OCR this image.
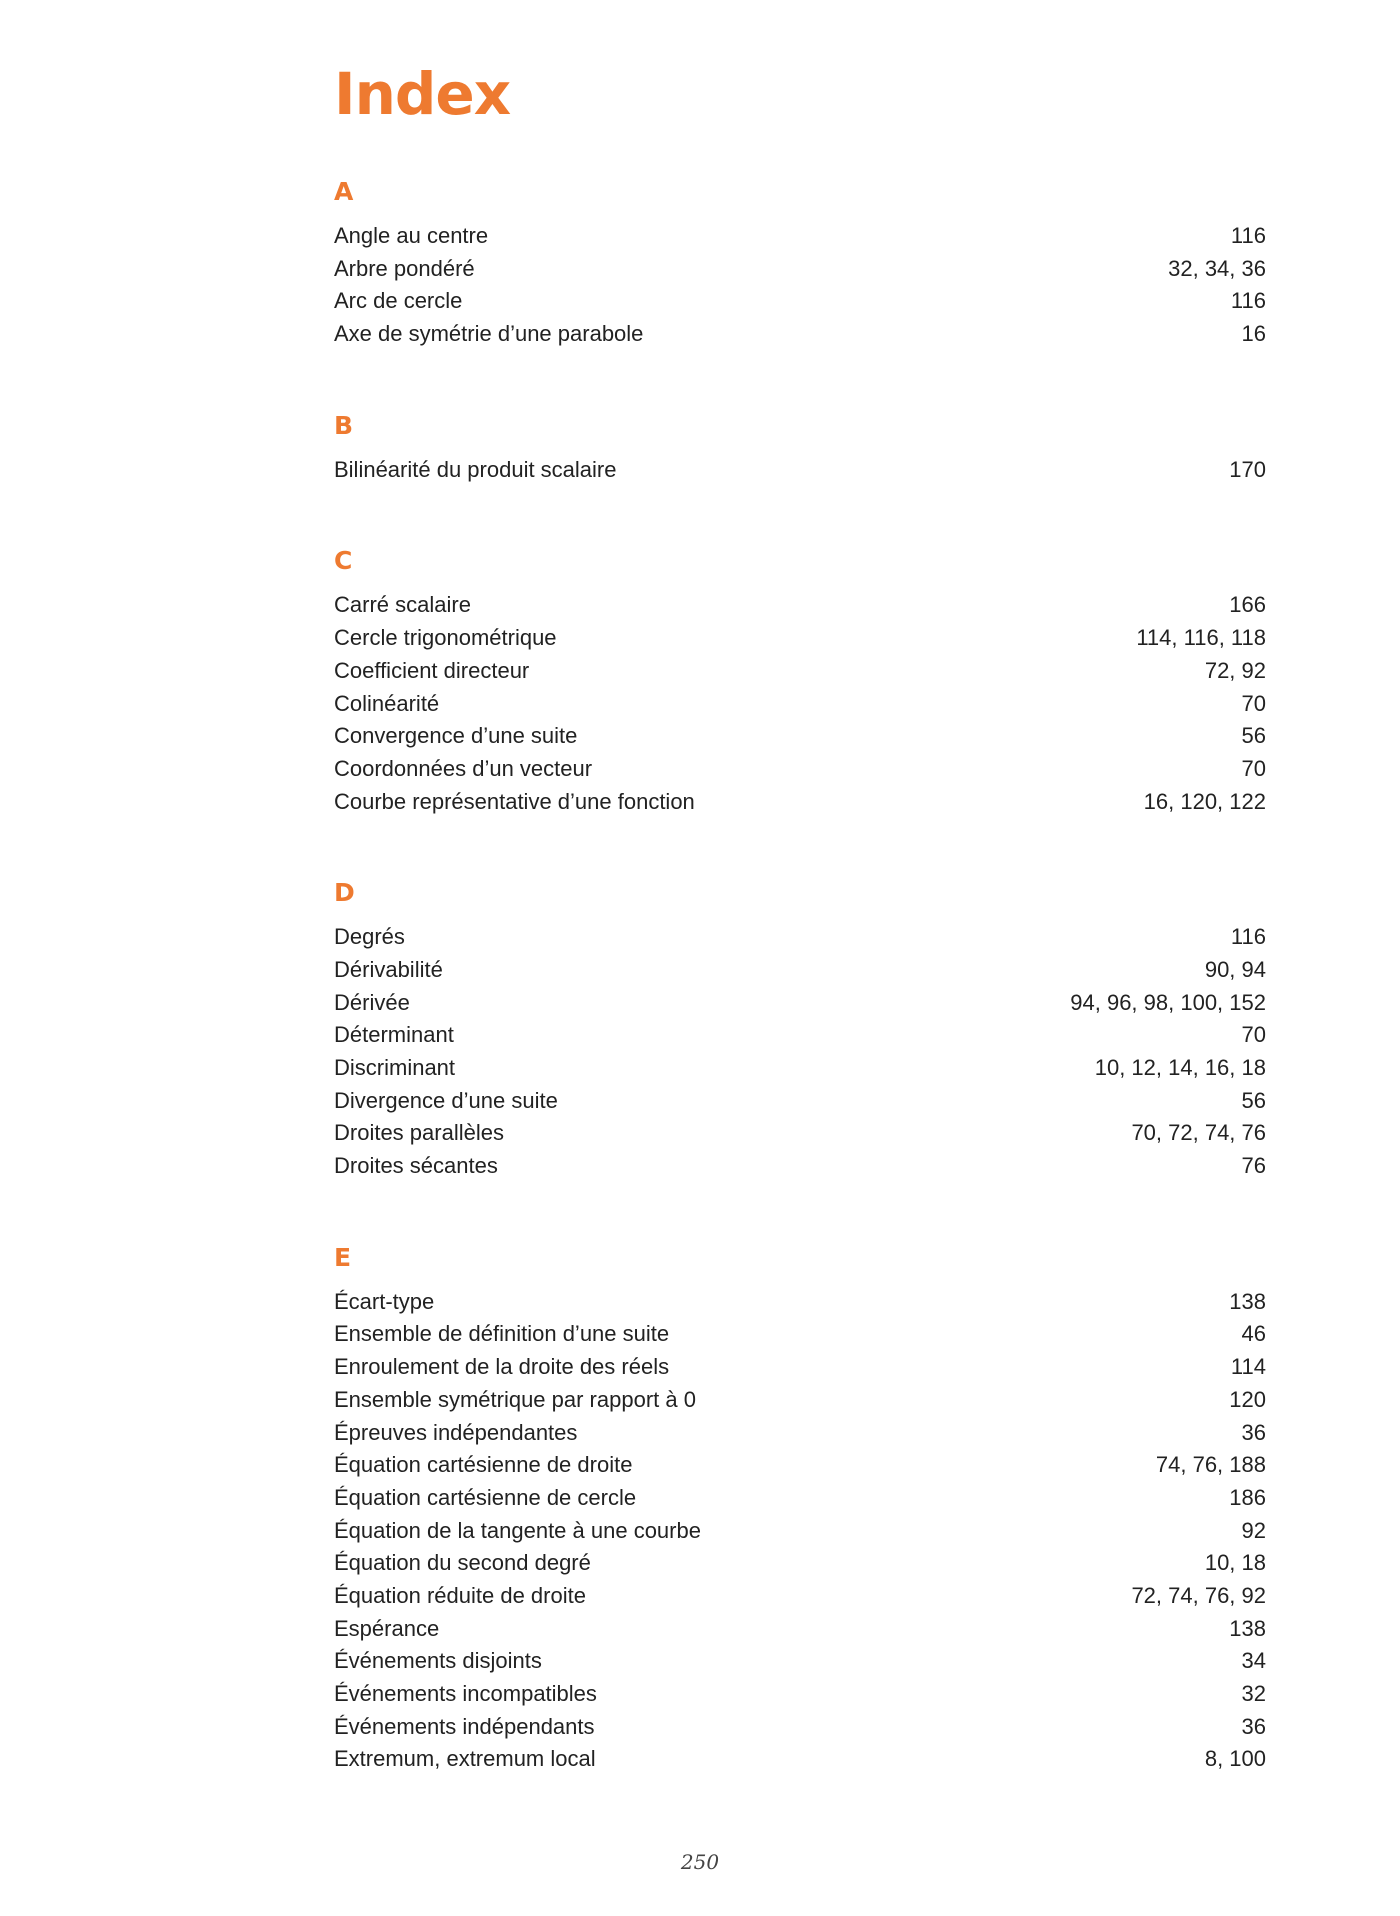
Index
A
Angle au centre	116
Arbre pondéré	32, 34, 36
Arc de cercle	116
Axe de symétrie d’une parabole	16
B
Bilinéarité du produit scalaire	170
C
Carré scalaire	166
Cercle trigonométrique	114, 116, 118
Coefficient directeur	72, 92
Colinéarité	70
Convergence d’une suite	56
Coordonnées d’un vecteur	70
Courbe représentative d’une fonction	16, 120, 122
D
Degrés	116
Dérivabilité	90, 94
Dérivée	94, 96, 98, 100, 152
Déterminant	70
Discriminant	10, 12, 14, 16, 18
Divergence d’une suite	56
Droites parallèles	70, 72, 74, 76
Droites sécantes	76
E
Écart-type	138
Ensemble de définition d’une suite	46
Enroulement de la droite des réels	114
Ensemble symétrique par rapport à 0	120
Épreuves indépendantes	36
Équation cartésienne de droite	74, 76, 188
Équation cartésienne de cercle	186
Équation de la tangente à une courbe	92
Équation du second degré	10, 18
Équation réduite de droite	72, 74, 76, 92
Espérance	138
Événements disjoints	34
Événements incompatibles	32
Événements indépendants	36
Extremum, extremum local	8, 100
250
